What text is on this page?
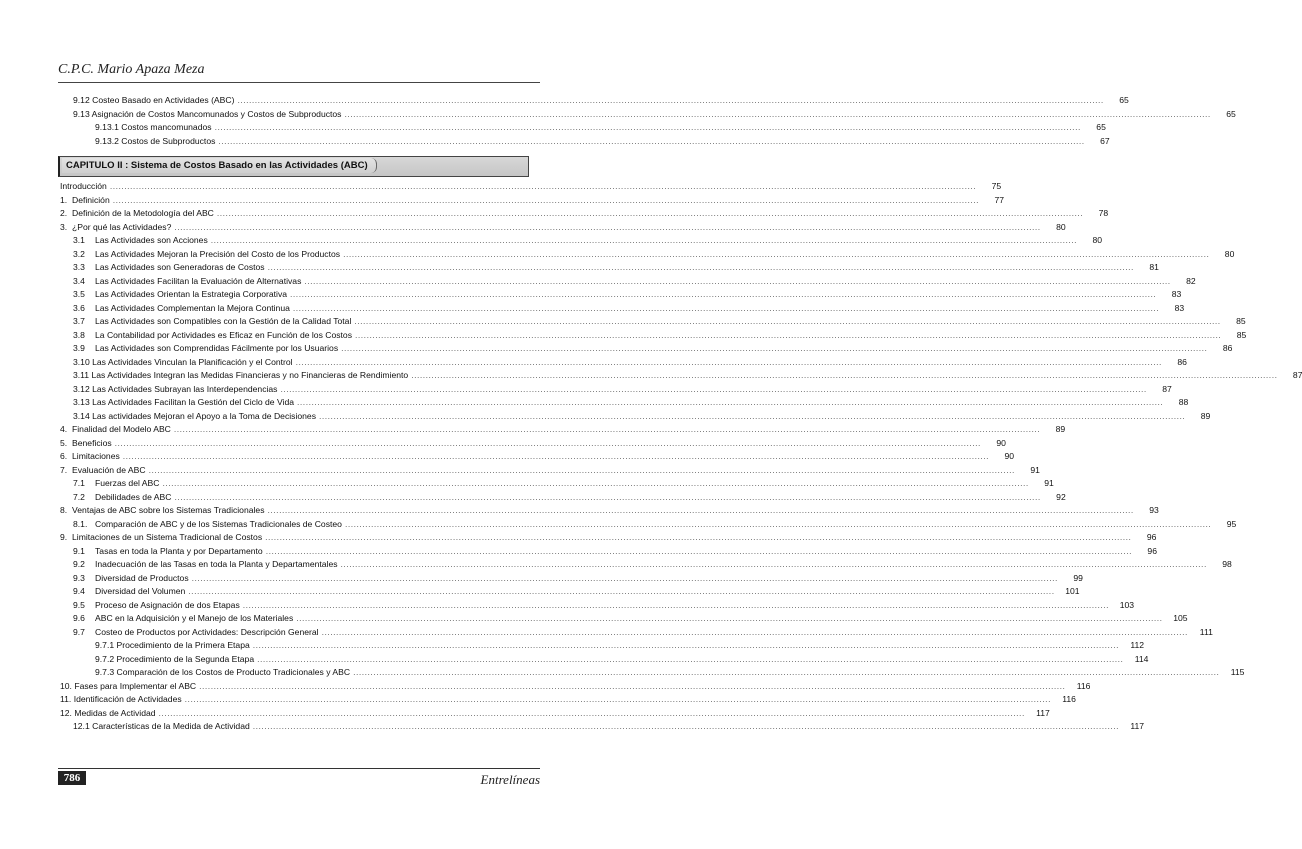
C.P.C. Mario Apaza Meza
9.12 Costeo Basado en Actividades (ABC) ............................................................................................................................................................................................................................................................................................................	65
9.13 Asignación de Costos Mancomunados y Costos de Subproductos ............................................................................................................................................................................................................................................................................................................	65
9.13.1 Costos mancomunados ............................................................................................................................................................................................................................................................................................................	65
9.13.2 Costos de Subproductos ............................................................................................................................................................................................................................................................................................................	67
CAPITULO II : Sistema de Costos Basado en las Actividades (ABC)
Introducción ............................................................................................................................................................................................................................................................................................................	75
1. Definición ............................................................................................................................................................................................................................................................................................................	77
2. Definición de la Metodología del ABC ............................................................................................................................................................................................................................................................................................................	78
3. ¿Por qué las Actividades? ............................................................................................................................................................................................................................................................................................................	80
3.1	Las Actividades son Acciones ............................................................................................................................................................................................................................................................................................................	80
3.2	Las Actividades Mejoran la Precisión del Costo de los Productos ............................................................................................................................................................................................................................................................................................................	80
3.3	Las Actividades son Generadoras de Costos ............................................................................................................................................................................................................................................................................................................	81
3.4	Las Actividades Facilitan la Evaluación de Alternativas ............................................................................................................................................................................................................................................................................................................	82
3.5	Las Actividades Orientan la Estrategia Corporativa ............................................................................................................................................................................................................................................................................................................	83
3.6	Las Actividades Complementan la Mejora Continua ............................................................................................................................................................................................................................................................................................................	83
3.7	Las Actividades son Compatibles con la Gestión de la Calidad Total ............................................................................................................................................................................................................................................................................................................	85
3.8	La Contabilidad por Actividades es Eficaz en Función de los Costos ............................................................................................................................................................................................................................................................................................................	85
3.9	Las Actividades son Comprendidas Fácilmente por los Usuarios ............................................................................................................................................................................................................................................................................................................	86
3.10 Las Actividades Vinculan la Planificación y el Control ............................................................................................................................................................................................................................................................................................................	86
3.11 Las Actividades Integran las Medidas Financieras y no Financieras de Rendimiento ............................................................................................................................................................................................................................................................................................................	87
3.12 Las Actividades Subrayan las Interdependencias ............................................................................................................................................................................................................................................................................................................	87
3.13 Las Actividades Facilitan la Gestión del Ciclo de Vida ............................................................................................................................................................................................................................................................................................................	88
3.14 Las actividades Mejoran el Apoyo a la Toma de Decisiones ............................................................................................................................................................................................................................................................................................................	89
4. Finalidad del Modelo ABC ............................................................................................................................................................................................................................................................................................................	89
5. Beneficios ............................................................................................................................................................................................................................................................................................................	90
6. Limitaciones ............................................................................................................................................................................................................................................................................................................	90
7. Evaluación de ABC ............................................................................................................................................................................................................................................................................................................	91
7.1	Fuerzas del ABC ............................................................................................................................................................................................................................................................................................................	91
7.2	Debilidades de ABC ............................................................................................................................................................................................................................................................................................................	92
8. Ventajas de ABC sobre los Sistemas Tradicionales ............................................................................................................................................................................................................................................................................................................	93
8.1. Comparación de ABC y de los Sistemas Tradicionales de Costeo ............................................................................................................................................................................................................................................................................................................	95
9. Limitaciones de un Sistema Tradicional de Costos ............................................................................................................................................................................................................................................................................................................	96
9.1	Tasas en toda la Planta y por Departamento ............................................................................................................................................................................................................................................................................................................	96
9.2	Inadecuación de las Tasas en toda la Planta y Departamentales ............................................................................................................................................................................................................................................................................................................	98
9.3	Diversidad de Productos ............................................................................................................................................................................................................................................................................................................	99
9.4	Diversidad del Volumen ............................................................................................................................................................................................................................................................................................................	101
9.5	Proceso de Asignación de dos Etapas ............................................................................................................................................................................................................................................................................................................	103
9.6	ABC en la Adquisición y el Manejo de los Materiales ............................................................................................................................................................................................................................................................................................................	105
9.7	Costeo de Productos por Actividades: Descripción General ............................................................................................................................................................................................................................................................................................................	111
9.7.1 Procedimiento de la Primera Etapa ............................................................................................................................................................................................................................................................................................................	112
9.7.2 Procedimiento de la Segunda Etapa ............................................................................................................................................................................................................................................................................................................	114
9.7.3 Comparación de los Costos de Producto Tradicionales y ABC ............................................................................................................................................................................................................................................................................................................	115
10. Fases para Implementar el ABC ............................................................................................................................................................................................................................................................................................................	116
11. Identificación de Actividades ............................................................................................................................................................................................................................................................................................................	116
12. Medidas de Actividad ............................................................................................................................................................................................................................................................................................................	117
12.1 Características de la Medida de Actividad ............................................................................................................................................................................................................................................................................................................	117
786	Entrelíneas
